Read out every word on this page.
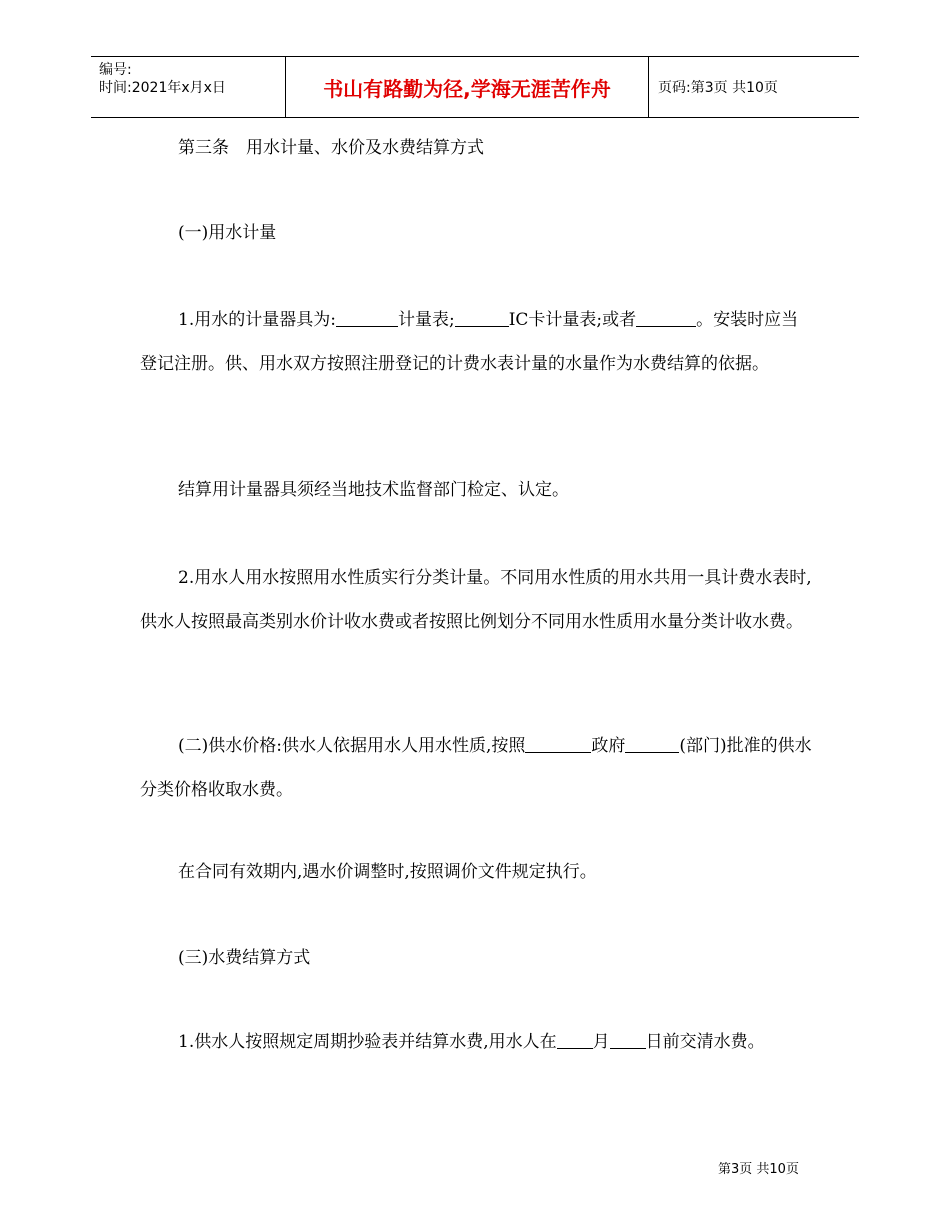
编号:
时间:2021年x月x日	书山有路勤为径,学海无涯苦作舟	页码:第3页 共10页
第三条　用水计量、水价及水费结算方式
(一)用水计量
1.用水的计量器具为:	计量表;	IC卡计量表;或者	。安装时应当登记注册。供、用水双方按照注册登记的计费水表计量的水量作为水费结算的依据。
结算用计量器具须经当地技术监督部门检定、认定。
2.用水人用水按照用水性质实行分类计量。不同用水性质的用水共用一具计费水表时,供水人按照最高类别水价计收水费或者按照比例划分不同用水性质用水量分类计收水费。
(二)供水价格:供水人依据用水人用水性质,按照	政府	(部门)批准的供水分类价格收取水费。
在合同有效期内,遇水价调整时,按照调价文件规定执行。
(三)水费结算方式
1.供水人按照规定周期抄验表并结算水费,用水人在 月 日前交清水费。
第3页 共10页
